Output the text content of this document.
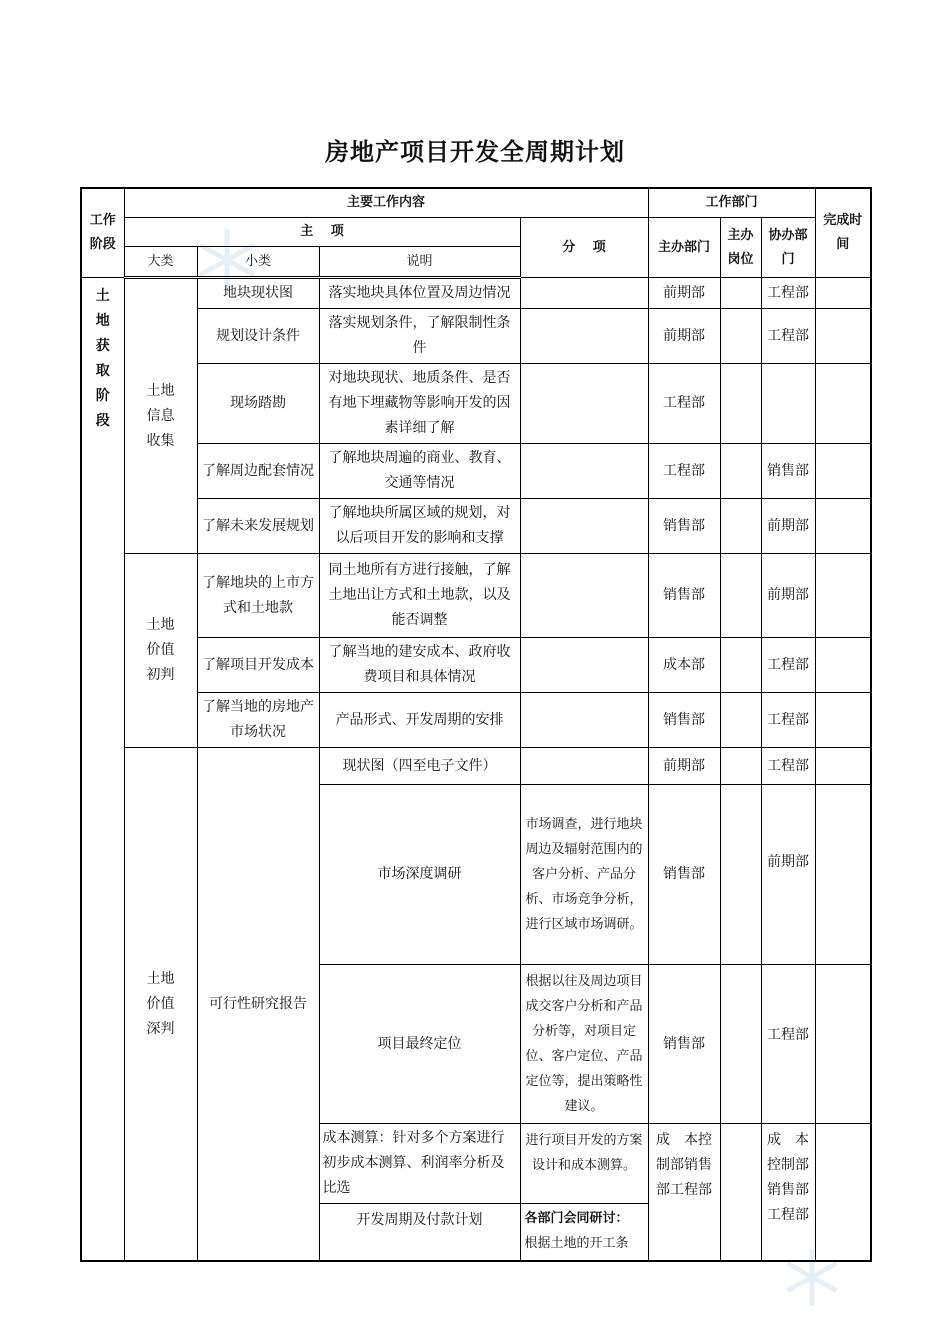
房地产项目开发全周期计划
工作阶段	主要工作内容				工作部门			完成时间
	主　 项			分　 项	主办部门	主办岗位	协办部门	
	大类	小类	说明					
土地获取阶段	土地信息收集	地块现状图	落实地块具体位置及周边情况		前期部		工程部	
		规划设计条件	落实规划条件，了解限制性条件		前期部		工程部	
		现场踏勘	对地块现状、地质条件、是否有地下埋藏物等影响开发的因素详细了解		工程部			
		了解周边配套情况	了解地块周遍的商业、教育、交通等情况		工程部		销售部	
		了解未来发展规划	了解地块所属区域的规划，对以后项目开发的影响和支撑		销售部		前期部	
	土地价值初判	了解地块的上市方式和土地款	同土地所有方进行接触，了解土地出让方式和土地款，以及能否调整		销售部		前期部	
		了解项目开发成本	了解当地的建安成本、政府收费项目和具体情况		成本部		工程部	
		了解当地的房地产市场状况	产品形式、开发周期的安排		销售部		工程部	
	土地价值深判	可行性研究报告	现状图（四至电子文件）		前期部		工程部	
			市场深度调研	市场调查，进行地块周边及辐射范围内的客户分析、产品分析、市场竞争分析，进行区域市场调研。	销售部		前期部	
			项目最终定位	根据以往及周边项目成交客户分析和产品分析等，对项目定位、客户定位、产品定位等，提出策略性建议。	销售部		工程部	
			成本测算：针对多个方案进行初步成本测算、利润率分析及比选	进行项目开发的方案设计和成本测算。	成　本控制部销售部工程部		成　本控制部销售部工程部	
			开发周期及付款计划	各部门会同研讨：
根据土地的开工条				
